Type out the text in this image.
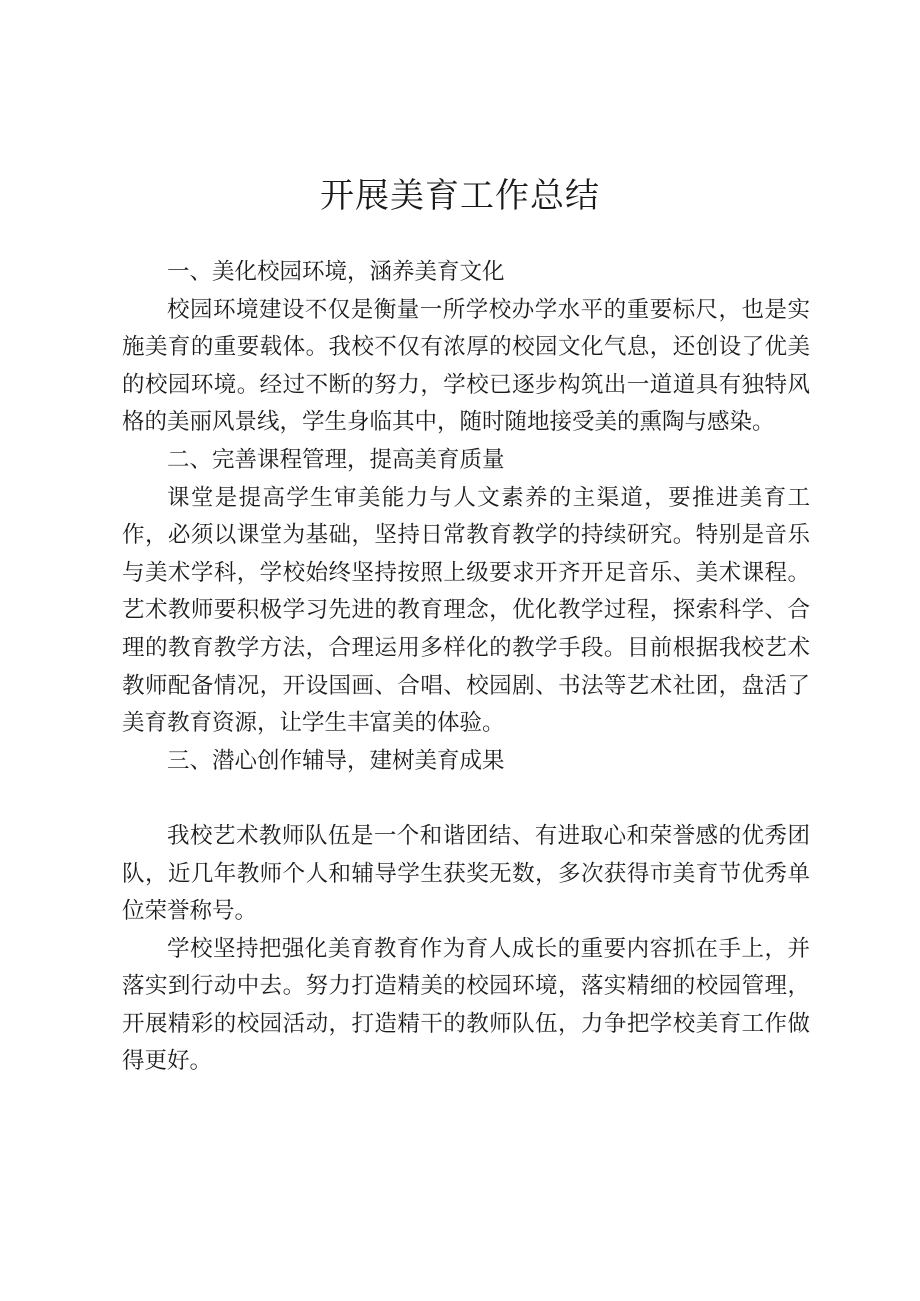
开展美育工作总结

一、美化校园环境，涵养美育文化

校园环境建设不仅是衡量一所学校办学水平的重要标尺，也是实施美育的重要载体。我校不仅有浓厚的校园文化气息，还创设了优美的校园环境。经过不断的努力，学校已逐步构筑出一道道具有独特风格的美丽风景线，学生身临其中，随时随地接受美的熏陶与感染。

二、完善课程管理，提高美育质量

课堂是提高学生审美能力与人文素养的主渠道，要推进美育工作，必须以课堂为基础，坚持日常教育教学的持续研究。特别是音乐与美术学科，学校始终坚持按照上级要求开齐开足音乐、美术课程。艺术教师要积极学习先进的教育理念，优化教学过程，探索科学、合理的教育教学方法，合理运用多样化的教学手段。目前根据我校艺术教师配备情况，开设国画、合唱、校园剧、书法等艺术社团，盘活了美育教育资源，让学生丰富美的体验。

三、潜心创作辅导，建树美育成果

我校艺术教师队伍是一个和谐团结、有进取心和荣誉感的优秀团队，近几年教师个人和辅导学生获奖无数，多次获得市美育节优秀单位荣誉称号。

学校坚持把强化美育教育作为育人成长的重要内容抓在手上，并落实到行动中去。努力打造精美的校园环境，落实精细的校园管理，开展精彩的校园活动，打造精干的教师队伍，力争把学校美育工作做得更好。
